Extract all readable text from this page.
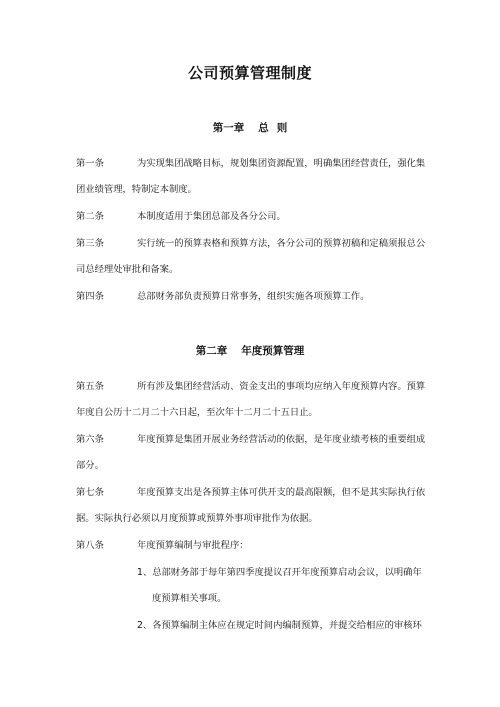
公司预算管理制度
第一章 总 则
第一条	为实现集团战略目标，规划集团资源配置，明确集团经营责任，强化集
团业绩管理，特制定本制度。
第二条	本制度适用于集团总部及各分公司。
第三条	实行统一的预算表格和预算方法，各分公司的预算初稿和定稿须报总公
司总经理处审批和备案。
第四条	总部财务部负责预算日常事务，组织实施各项预算工作。
第二章 年度预算管理
第五条	所有涉及集团经营活动、资金支出的事项均应纳入年度预算内容。预算
年度自公历十二月二十六日起，至次年十二月二十五日止。
第六条	年度预算是集团开展业务经营活动的依据，是年度业绩考核的重要组成
部分。
第七条	年度预算支出是各预算主体可供开支的最高限额，但不是其实际执行依
据。实际执行必须以月度预算或预算外事项审批作为依据。
第八条	年度预算编制与审批程序：
1、总部财务部于每年第四季度提议召开年度预算启动会议，以明确年
度预算相关事项。
2、各预算编制主体应在规定时间内编制预算，并提交给相应的审核环
